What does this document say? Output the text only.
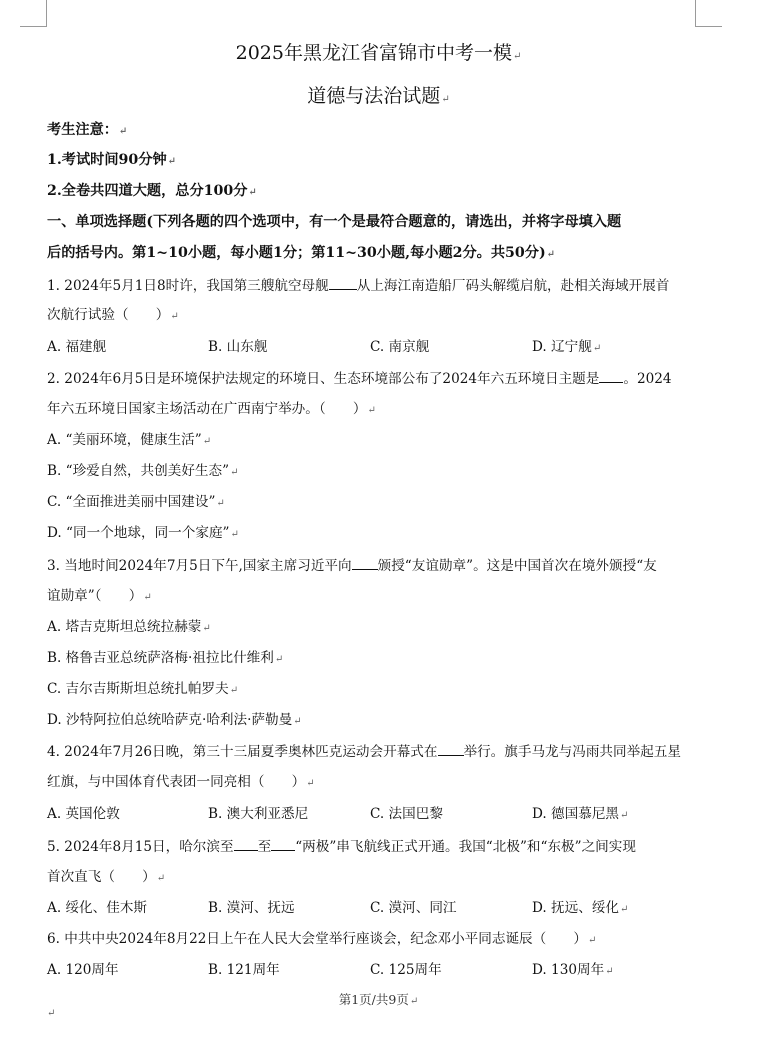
2025年黑龙江省富锦市中考一模↵
道德与法治试题↵
考生注意：↵
1.考试时间90分钟↵
2.全卷共四道大题，总分100分↵
一、单项选择题(下列各题的四个选项中，有一个是最符合题意的，请选出，并将字母填入题
后的括号内。第1~10小题，每小题1分；第11~30小题,每小题2分。共50分)↵
1. 2024年5月1日8时许，我国第三艘航空母舰 从上海江南造船厂码头解缆启航，赴相关海域开展首
次航行试验（　　）↵
A. 福建舰	B. 山东舰	C. 南京舰	D. 辽宁舰↵
2. 2024年6月5日是环境保护法规定的环境日、生态环境部公布了2024年六五环境日主题是 。2024
年六五环境日国家主场活动在广西南宁举办。（　　）↵
A. “美丽环境，健康生活”↵
B. “珍爱自然，共创美好生态”↵
C. “全面推进美丽中国建设”↵
D. “同一个地球，同一个家庭”↵
3. 当地时间2024年7月5日下午,国家主席习近平向 颁授“友谊勋章”。这是中国首次在境外颁授“友
谊勋章”（　　）↵
A. 塔吉克斯坦总统拉赫蒙↵
B. 格鲁吉亚总统萨洛梅·祖拉比什维利↵
C. 吉尔吉斯斯坦总统扎帕罗夫↵
D. 沙特阿拉伯总统哈萨克·哈利法·萨勒曼↵
4. 2024年7月26日晚，第三十三届夏季奥林匹克运动会开幕式在 举行。旗手马龙与冯雨共同举起五星
红旗，与中国体育代表团一同亮相（　　）↵
A. 英国伦敦	B. 澳大利亚悉尼	C. 法国巴黎	D. 德国慕尼黑↵
5. 2024年8月15日，哈尔滨至 至 “两极”串飞航线正式开通。我国“北极”和“东极”之间实现
首次直飞（　　）↵
A. 绥化、佳木斯	B. 漠河、抚远	C. 漠河、同江	D. 抚远、绥化↵
6. 中共中央2024年8月22日上午在人民大会堂举行座谈会，纪念邓小平同志诞辰（　　）↵
A. 120周年	B. 121周年	C. 125周年	D. 130周年↵
第1页/共9页↵
↵
